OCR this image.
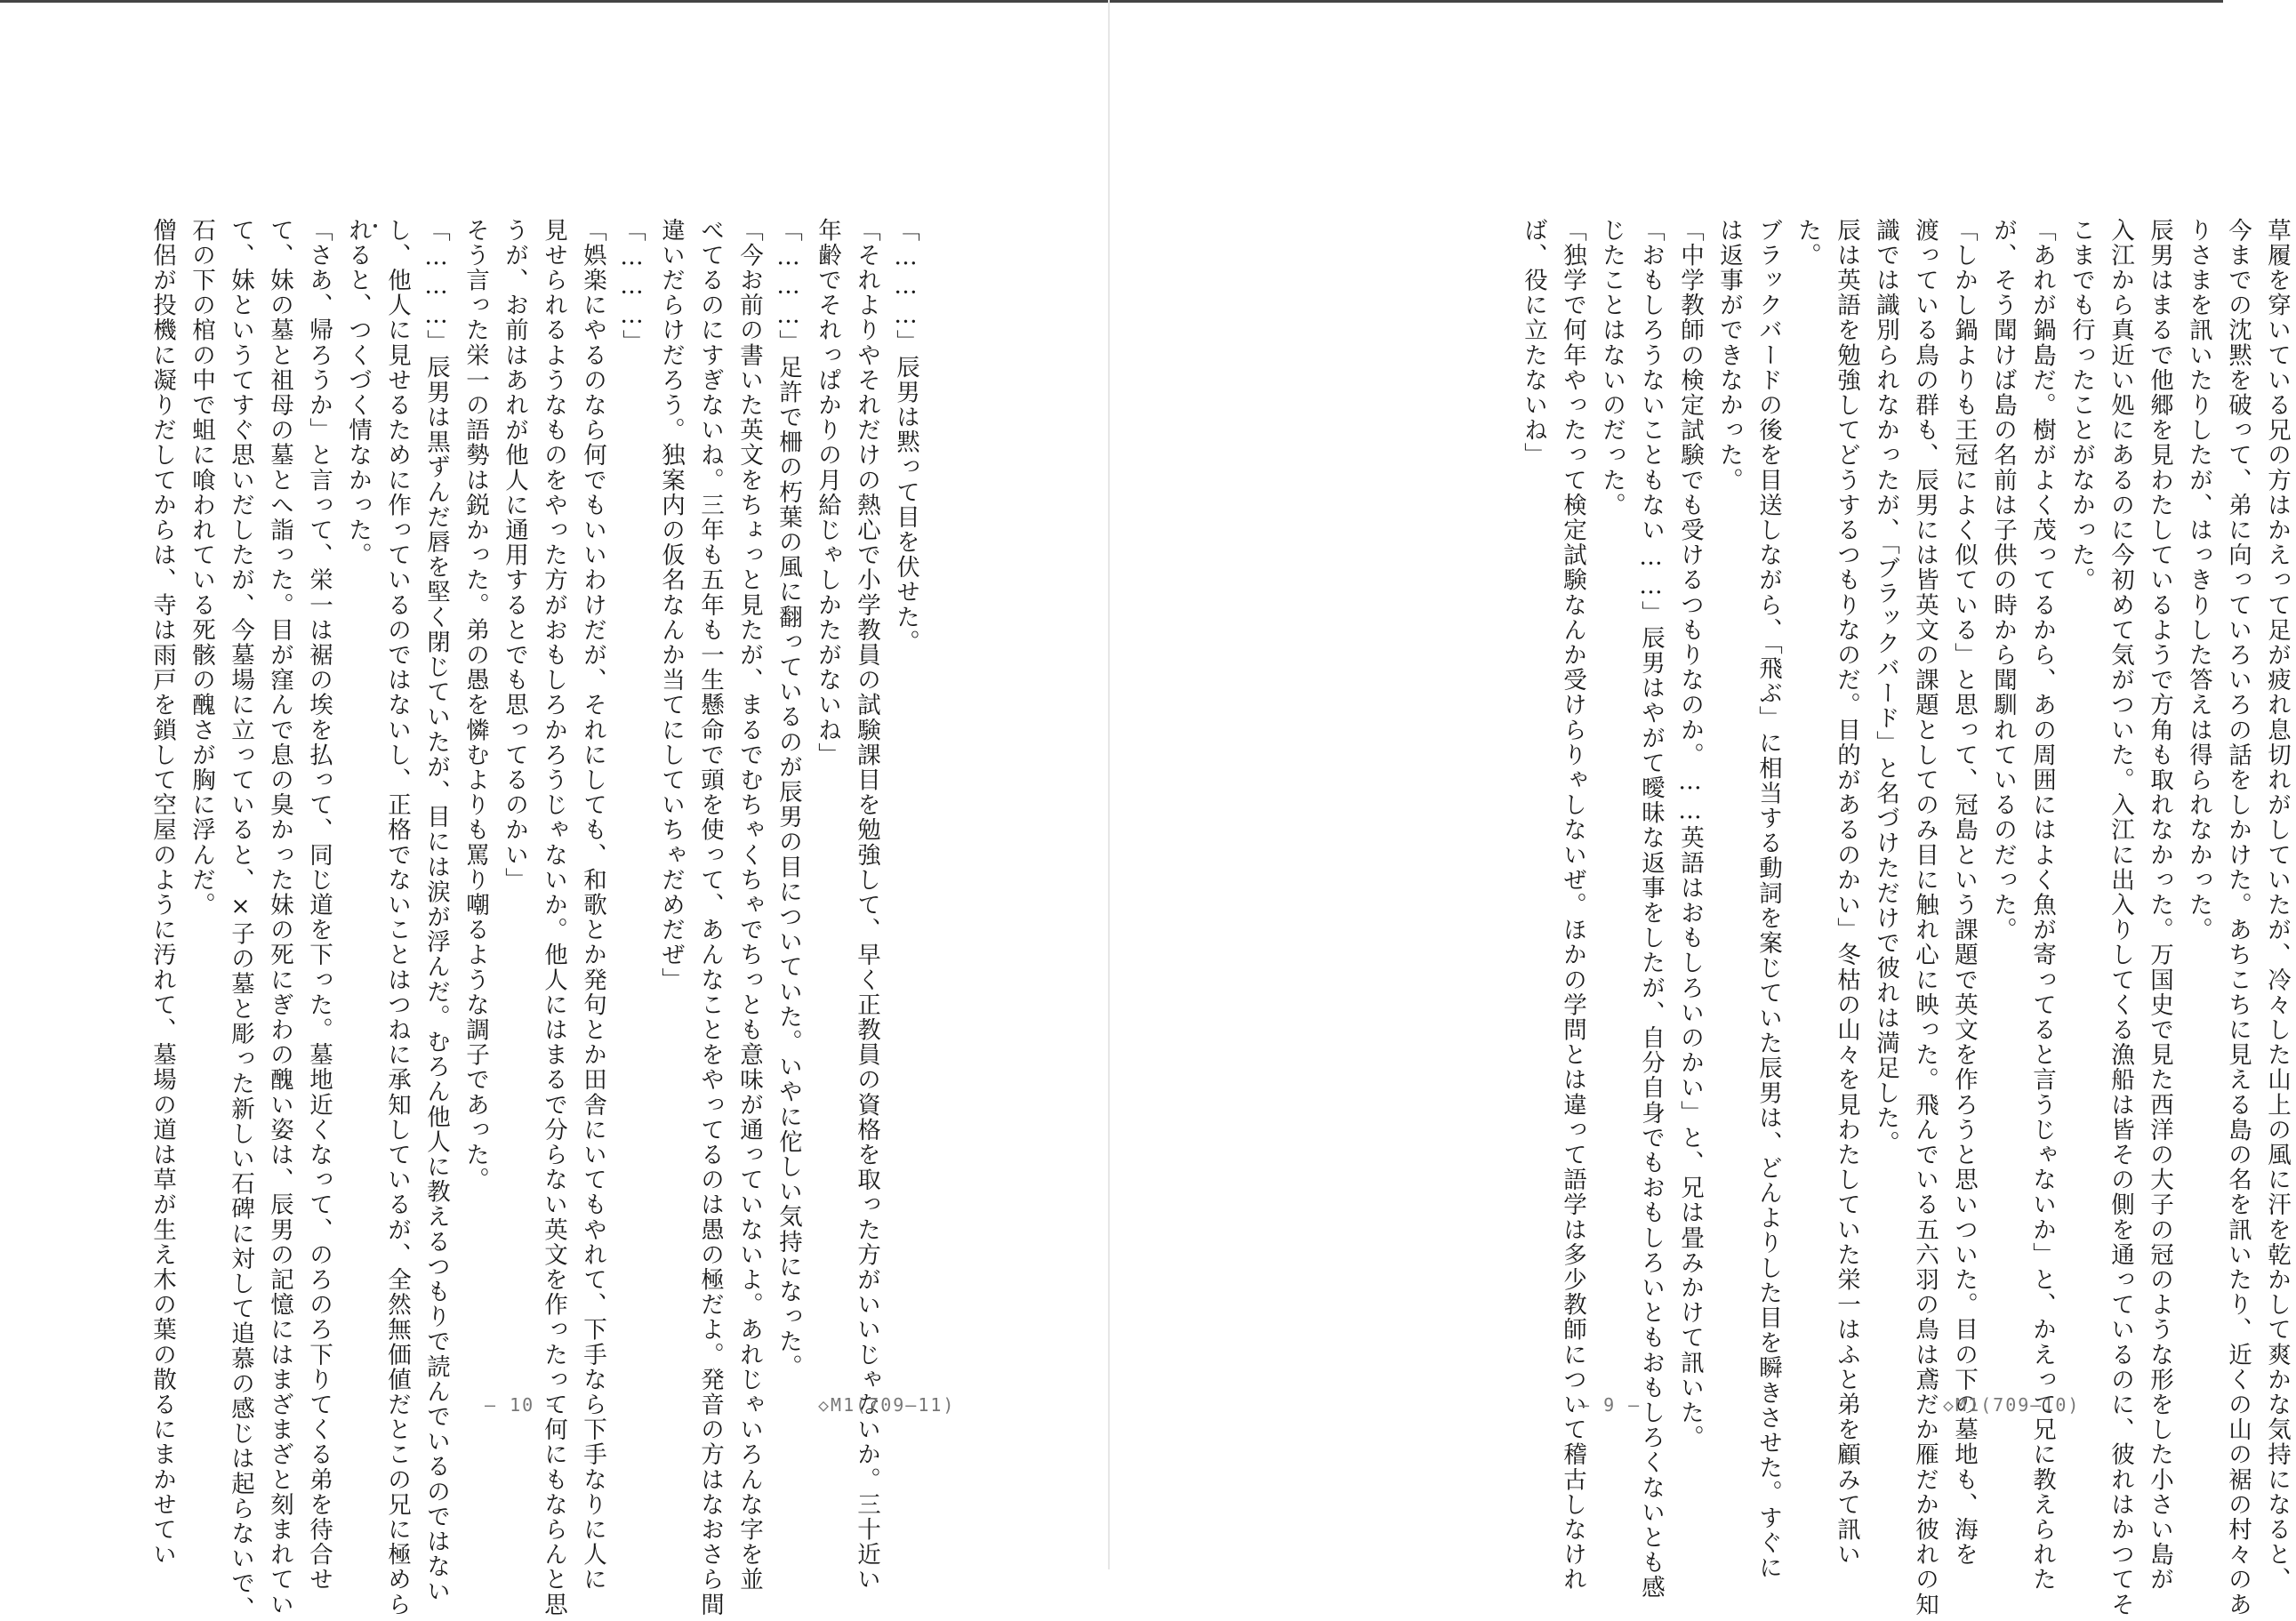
「………」辰男は黙って目を伏せた。

「それよりやそれだけの熱心で小学教員の試験課目を勉強して、早く正教員の資格を取った方がいいじゃないか。三十近い

年齢でそれっぱかりの月給じゃしかたがないね」

「………」足許で柵の朽葉の風に翻っているのが辰男の目についていた。いやに佗しい気持になった。

「今お前の書いた英文をちょっと見たが、まるでむちゃくちゃでちっとも意味が通っていないよ。あれじゃいろんな字を並

べてるのにすぎないね。三年も五年も一生懸命で頭を使って、あんなことをやってるのは愚の極だよ。発音の方はなおさら間

違いだらけだろう。独案内の仮名なんか当てにしていちゃだめだぜ」

「………」

「娯楽にやるのなら何でもいいわけだが、それにしても、和歌とか発句とか田舎にいてもやれて、下手なら下手なりに人に

見せられるようなものをやった方がおもしろかろうじゃないか。他人にはまるで分らない英文を作ったって何にもならんと思

うが、お前はあれが他人に通用するとでも思ってるのかい」

そう言った栄一の語勢は鋭かった。弟の愚を憐むよりも罵り嘲るような調子であった。

「………」辰男は黒ずんだ唇を堅く閉じていたが、目には涙が浮んだ。むろん他人に教えるつもりで読んでいるのではない

し、他人に見せるために作っているのではないし、正格でないことはつねに承知しているが、全然無価値だとこの兄に極めら

れると、つくづく情なかった。

「さあ、帰ろうか」と言って、栄一は裾の埃を払って、同じ道を下った。墓地近くなって、のろのろ下りてくる弟を待合せ

て、妹の墓と祖母の墓とへ詣った。目が窪んで息の臭かった妹の死にぎわの醜い姿は、辰男の記憶にはまざまざと刻まれてい

て、妹というてすぐ思いだしたが、今墓場に立っていると、×子の墓と彫った新しい石碑に対して追慕の感じは起らないで、

石の下の棺の中で蛆に喰われている死骸の醜さが胸に浮んだ。

僧侶が投機に凝りだしてからは、寺は雨戸を鎖して空屋のように汚れて、墓場の道は草が生え木の葉の散るにまかせてい	— 10 —	◇M1(709—11)	草履を穿いている兄の方はかえって足が疲れ息切れがしていたが、冷々した山上の風に汗を乾かして爽かな気持になると、

今までの沈黙を破って、弟に向っていろいろの話をしかけた。あちこちに見える島の名を訊いたり、近くの山の裾の村々のあ

りさまを訊いたりしたが、はっきりした答えは得られなかった。

辰男はまるで他郷を見わたしているようで方角も取れなかった。万国史で見た西洋の大子の冠のような形をした小さい島が

入江から真近い処にあるのに今初めて気がついた。入江に出入りしてくる漁船は皆その側を通っているのに、彼れはかつてそ

こまでも行ったことがなかった。

「あれが鍋島だ。樹がよく茂ってるから、あの周囲にはよく魚が寄ってると言うじゃないか」と、かえって兄に教えられた

が、そう聞けば島の名前は子供の時から聞馴れているのだった。

「しかし鍋よりも王冠によく似ている」と思って、冠島という課題で英文を作ろうと思いついた。目の下の墓地も、海を

渡っている鳥の群も、辰男には皆英文の課題としてのみ目に触れ心に映った。飛んでいる五六羽の鳥は鳶だか雁だか彼れの知

識では識別られなかったが、「ブラックバード」と名づけただけで彼れは満足した。

辰は英語を勉強してどうするつもりなのだ。目的があるのかい」冬枯の山々を見わたしていた栄一はふと弟を顧みて訊い

た。

ブラックバードの後を目送しながら、「飛ぶ」に相当する動詞を案じていた辰男は、どんよりした目を瞬きさせた。すぐに

は返事ができなかった。

「中学教師の検定試験でも受けるつもりなのか。……英語はおもしろいのかい」と、兄は畳みかけて訊いた。

「おもしろうないこともない……」辰男はやがて曖昧な返事をしたが、自分自身でもおもしろいともおもしろくないとも感

じたことはないのだった。

「独学で何年やったって検定試験なんか受けらりゃしないぜ。ほかの学問とは違って語学は多少教師について稽古しなけれ

ば、役に立たないね」

— 9 —	◇M1(709—10)
